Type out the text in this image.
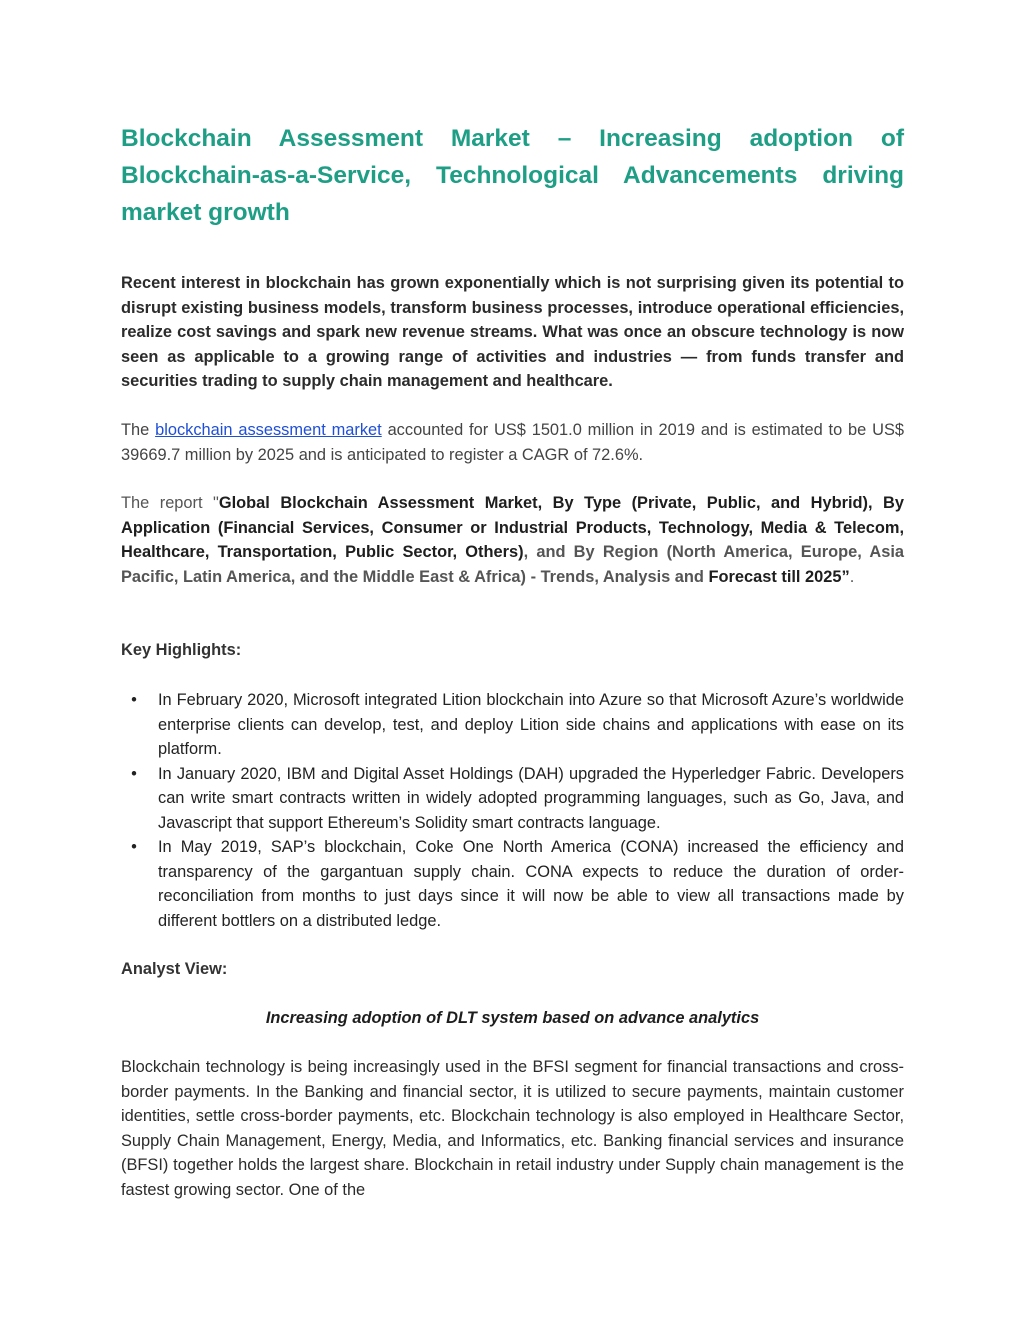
Blockchain Assessment Market – Increasing adoption of Blockchain-as-a-Service, Technological Advancements driving market growth

Recent interest in blockchain has grown exponentially which is not surprising given its potential to disrupt existing business models, transform business processes, introduce operational efficiencies, realize cost savings and spark new revenue streams. What was once an obscure technology is now seen as applicable to a growing range of activities and industries — from funds transfer and securities trading to supply chain management and healthcare.

The blockchain assessment market accounted for US$ 1501.0 million in 2019 and is estimated to be US$ 39669.7 million by 2025 and is anticipated to register a CAGR of 72.6%.

The report "Global Blockchain Assessment Market, By Type (Private, Public, and Hybrid), By Application (Financial Services, Consumer or Industrial Products, Technology, Media & Telecom, Healthcare, Transportation, Public Sector, Others), and By Region (North America, Europe, Asia Pacific, Latin America, and the Middle East & Africa) - Trends, Analysis and Forecast till 2025”.

Key Highlights:

• In February 2020, Microsoft integrated Lition blockchain into Azure so that Microsoft Azure’s worldwide enterprise clients can develop, test, and deploy Lition side chains and applications with ease on its platform.
• In January 2020, IBM and Digital Asset Holdings (DAH) upgraded the Hyperledger Fabric. Developers can write smart contracts written in widely adopted programming languages, such as Go, Java, and Javascript that support Ethereum’s Solidity smart contracts language.
• In May 2019, SAP’s blockchain, Coke One North America (CONA) increased the efficiency and transparency of the gargantuan supply chain. CONA expects to reduce the duration of order-reconciliation from months to just days since it will now be able to view all transactions made by different bottlers on a distributed ledge.

Analyst View:

Increasing adoption of DLT system based on advance analytics

Blockchain technology is being increasingly used in the BFSI segment for financial transactions and cross-border payments. In the Banking and financial sector, it is utilized to secure payments, maintain customer identities, settle cross-border payments, etc. Blockchain technology is also employed in Healthcare Sector, Supply Chain Management, Energy, Media, and Informatics, etc. Banking financial services and insurance (BFSI) together holds the largest share. Blockchain in retail industry under Supply chain management is the fastest growing sector. One of the
